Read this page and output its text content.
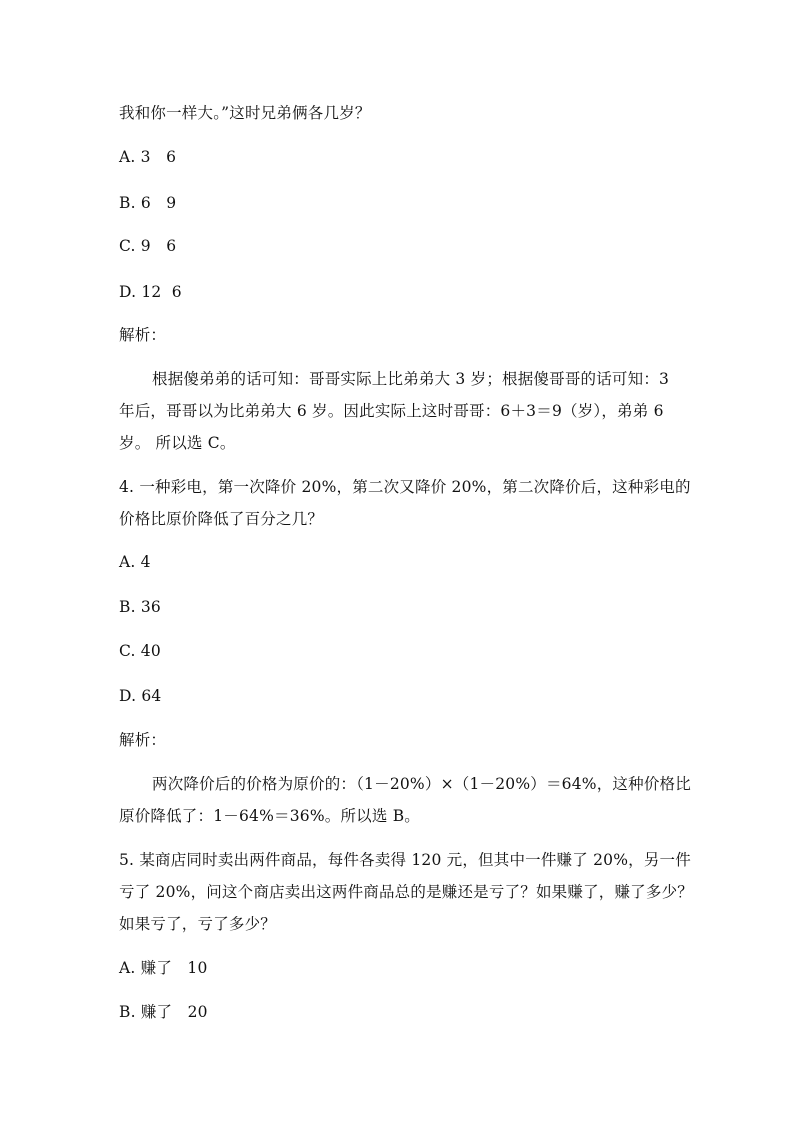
我和你一样大。”这时兄弟俩各几岁？
A. 3   6
B. 6   9
C. 9   6
D. 12  6
解析：
根据傻弟弟的话可知：哥哥实际上比弟弟大 3 岁；根据傻哥哥的话可知：3
年后，哥哥以为比弟弟大 6 岁。因此实际上这时哥哥：6＋3＝9（岁），弟弟 6
岁。 所以选 C。
4. 一种彩电，第一次降价 20%，第二次又降价 20%，第二次降价后，这种彩电的
价格比原价降低了百分之几？
A. 4
B. 36
C. 40
D. 64
解析：
两次降价后的价格为原价的：（1－20%）×（1－20%）＝64%，这种价格比
原价降低了：1－64%＝36%。所以选 B。
5. 某商店同时卖出两件商品，每件各卖得 120 元，但其中一件赚了 20%，另一件
亏了 20%，问这个商店卖出这两件商品总的是赚还是亏了？如果赚了，赚了多少？
如果亏了，亏了多少？
A. 赚了   10
B. 赚了   20
